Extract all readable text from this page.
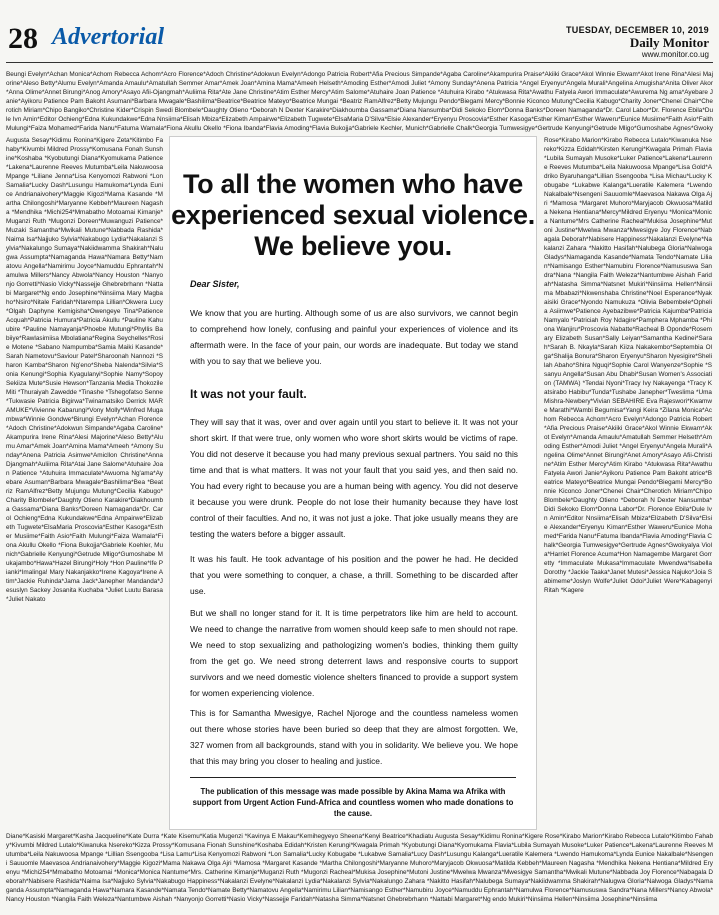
28 Advertorial	TUESDAY, DECEMBER 10, 2019
Daily Monitor
www.monitor.co.ug
Beungi Evelyn*Achan Monica*Achom Rebecca Achom*Acro Florence*Adoch Christine*Adokwun Evelyn*Adongo Patricia Robert*Afia Precious Simpande*Agaba Caroline*Akampurira Praise*Akiiki Grace*Akol Winnie Ekwam*Akot Irene Rina*Alesi Majorine*Aleso Betty*Alumu Evelyn*Amanda Amaulu*Amatullah Semmer Amar*Amek Joan*Amina Mama*Ameeh Helseth*Amoding Esther*Amodi Juliet *Amony Sunday*Anena Patricia *Angel Eryenyu*Angela Murali*Angelina Amugisha*Anita Oliver Akor*Anna Olime*Annet Birungi*Anog Amory*Asayo Afii-Ojangmah*Auliima Rita*Ate Jane Christine*Atim Esther Mercy*Atim Salome*Atuhaire Joan Patience *Atuhuira Kirabo *Atukwasa Rita*Awathu Fatyela Awori Immaculate*Awurema Ng ama*Ayebare Janie*Ayikoru Patience Pam Bakoht Asumani*Barbara Mwagale*Bashilima*Beatrice*Beatrice Mateyo*Beatrice Mungai *Beatriz RamAlfrez*Betty Mujungu Pendo*Biegami Mercy*Bonnie Kiconco Mutung*Cecilia Kabugo*Charity Joner*Chenei Chair*Cherotich Miriam*Chipo Bangiko*Christine Kider*Crispin Swedi Blombele*Daughty Otieno *Deborah N Dexter Karakire*Diakhoumba Gassama*Diana Nansumba*Didi Sekoko Elom*Donna Banks*Doreen Namaganda*Dr. Carol Labor*Dr. Florence Ebila*Dule Ivn Amin*Editor Ochieng*Edna Kukundakwe*Edna Nnsiima*Elisah Mbiza*Elizabeth Ampairwe*Elizabeth Tugwete*ElsaMaria D'Silva*Elsie Alexander*Eryenyu Proscovia*Esther Kasoga*Esther Kiman*Esther Waweru*Eunice Musiime*Faith Asio*Faith Mulungi*Faiza Mohamed*Farida Nanu*Fatuma Wamala*Fiona Akullu Okello *Fiona Ibanda*Flavia Amoding*Flavia Bukojja*Gabriele Kechler, Munich*Gabrielle Chalk*Georgia Tumwesigye*Gertrude Kenyungi*Getrude Mligo*Gumoshabe Agnes*Gwoky
Augusta Sesay*Kidimu Ronina*Kigere Zeta*Kitimbo Fahaby*Kivumbi Mildred Prossy*Komusana Fonah Sunshine*Koshaba *Kyobutungi Diana*Kyomukama Patience*Lakena*Laurenne Reeves Mutumba*Leila Nakuwoosa Mpange *Liliane Jenna*Lisa Kenyomozi Rabwoni *Lon Samalia*Lucky Dash*Lusungu Hamukoma*Lynda Eunice Andrianaivohery*Maggie Kigozi*Mama Kasande *Martha Chilongoshi*Maryanne Kebbeh*Maureen Nagasha *Mendhika *Michi254*Mmabatho Motoamai Kimanje*Muganzi Ruth *Mugonzi Doreen*Muwanguzi Patience*Muzaki Samantha*Mwikali Mutune*Nabbada Rashida*Naima Isa*Najjuko Sylvia*Nakabugo Lydia*Nakalanzi Sylvia*Nakalungo Sumaya*Nakiidwamma Shakirah*Nalugwa Assumpta*Namaganda Hawa*Namara Betty*Namatovu Angella*Namirimu Joyce*Namuddu Ephrantah*Namulwa Millers*Nancy Abwola*Nancy Houston *Nanyonjo Gorretti*Nasio Vicky*Nassejje Ghebrebrhann *Nattabi Margaret*Ng endo Josephine*Ninsiima Mary Magbaho*Nsiro*Nitale Faridah*Ntarempa Lillian*Okwera Lucy*Olgah Daphyne Kemigisha*Owengeye Tina*Patience Acquah*Patricia Humura*Patricia Akullu *Pauline Kahuubire *Pauline Namayanja*Phoebe Mutungi*Phyllis Babiiye*Rawlasimiisa Mbolatiana*Regina Seychelles*Rosie Motene *Sabano Nampumba*Samia Maiki Kasande*Sarah Nametovu*Saviour Patel*Sharoonah Nannozi *Sharon Kamba*Sharon Ng'eno*Sheba Nalenda*Silvia*Sonia Kenungi*Sophia Kyagulanyi*Sophie Namy*Sopoy Sekiiza Mute*Susie Hewson*Tanzania Media Thokozile Miti *Thuraiyah Zawedde *Tinashe *Tshegofatso Senne*Tukwasie Patricia Bigirwa*Twinamatsiko Derrick MARAMUKE*Vivienne Kabarungi*Vony Molly*Winfred Mugambwa*Winnie Gondwe*Birungi Evelyn*Achan Florence*Adoch Christine*Adokwun Simpande*Agaba Caroline*Akampurira Irene Rina*Alesi Majorine*Aleso Betty*Alumu Amar*Amek Joan*Amina Mama*Ameeh *Amony Sunday*Anena Patricia Asimwe*Amicllon Christine*Anna Djangmah*Auliima Rita*Atai Jane Salome*Atuhaire Joan Patience *Atuhuira Immaculate*Awuoma Ng'ama*Ayebare Asuman*Barbara Mwagale*Bashilima*Bea *Beatriz RamAlfrez*Betty Mujungu Mutung*Cecilia Kabugo*Charity Blombele*Daughty Otieno Karakire*Diakhoumba Gassama*Diana Banks*Doreen Namaganda*Dr. Carol Ochieng*Edna Kukundakwe*Edna Ampairwe*Elizabeth Tugwete*ElsaMaria Proscovia*Esther Kasoga*Esther Musiime*Faith Asio*Faith Mulungi*Faiza Wamala*Fiona Akullu Okello *Fiona Bukojja*Gabriele Koehler, Munich*Gabrielle Kenyungi*Getrude Mligo*Gumoshabe Mukajambo*Hawa*Hazel Birungi*Holy *Hon Pauline*Ife Pianki*Imalinga! Mary Nakanjakko*Irene Kagoya*Irene Atim*Jackie Ruhinda*Jama Jack*Janepher Mandanda*Jesuslyn Sackey Josanita Kuchaba *Juliet Luutu Barasa*Juliet Nakato
To all the women who have
experienced sexual violence.
We believe you.
Dear Sister,
We know that you are hurting. Although some of us are also survivors, we cannot begin to comprehend how lonely, confusing and painful your experiences of violence and its aftermath were. In the face of your pain, our words are inadequate. But today we stand with you to say that we believe you.
It was not your fault.
They will say that it was, over and over again until you start to believe it. It was not your short skirt. If that were true, only women who wore short skirts would be victims of rape. You did not deserve it because you had many previous sexual partners. You said no this time and that is what matters. It was not your fault that you said yes, and then said no. You had every right to because you are a human being with agency. You did not deserve it because you were drunk. People do not lose their humanity because they have lost control of their faculties. And no, it was not just a joke. That joke usually means they are testing the waters before a bigger assault.
It was his fault. He took advantage of his position and the power he had. He decided that you were something to conquer, a chase, a thrill. Something to be discarded after use.
But we shall no longer stand for it. It is time perpetrators like him are held to account. We need to change the narrative from women should keep safe to men should not rape. We need to stop sexualizing and pathologizing women's bodies, thinking them guilty from the get go. We need strong deterrent laws and responsive courts to support survivors and we need domestic violence shelters financed to provide a support system for women experiencing violence.
This is for Samantha Mwesigye, Rachel Njoroge and the countless nameless women out there whose stories have been buried so deep that they are almost forgotten. We, 327 women from all backgrounds, stand with you in solidarity. We believe you. We hope that this may bring you closer to healing and justice.
The publication of this message was made possible by Akina Mama wa Afrika with support from Urgent Action Fund-Africa and countless women who made donations to the cause.
Rose*Kirabo Marion*Kirabo Rebecca Lutalo*Kiwanuka Nsereko*Kizza Edidah*Kirsten Kerungi*Kwagala Primah Flavia*Lubila Sumayah Musoke*Luker Patience*Lakena*Laurenne Reeves Mutumba*Leila Nakuwoosa Mpange*Lisa Gold*Adriko Byaruhanga*Lillian Ssengooba *Lisa Michau*Lucky Kobugabe *Lukabwe Kalanga*Lueratile Kalemera *Lwendo Nakalbale*Nsengeni Sauuomle*Maevasoa Nakawa Olga Ajri *Mamosa *Margaret Muhoro*Maryjacob Okwuosa*Matilda Nekena Hentiana*Mercy*Mildred Eryenyu *Monica*Monica Nantume*Mrs Catherine Racheal*Mukisa Josephine*Mutoni Justine*Mwelwa Mwanza*Mwesigye Joy Florence*Nabagala Deborah*Nabisere Happiness*Nakalanzi Evelyne*Nakalanzi Zahara *Nakitto Hasifah*Nalubega Gloria*Nalwoga Gladys*Namaganda Kasande*Namata Tendo*Namate Lilian*Namisango Esther*Namubiru Florence*Namususwa Sandra*Nana *Nangila Faith Weleza*Nantumbwe Aishah Faridah*Natasha Simma*Natsnet Mukiri*Ninsiima Hellen*Ninsiima Mbabazi*Nkwenshaba Christine*Noel Esperance*Nyakaisiki Grace*Nyondo Namukuza *Olivia Bebembele*Ophelia Asiimwe*Patience Ayebazibwe*Patricia Kajumba*Patricia Namyalo *Patriciah Roy Ndagire*Pamphera Mphamba *Phiona Wanjiru*Proscovia Nabatte*Racheal B Oponde*Rosemary Elizabeth Susan*Sally Leiyan*Samantha Kedinei*Sarah*Sarah B. Nkayla*Sarah Kiiza Nakakembo*Septembia Olga*Shalija Bonura*Sharon Eryenyu*Sharon Nyesigire*Shelilah Abaho*Shira Nguqi*Sophie Carol Wanyenze*Sophie *Ssanyu Angella*Susan Abu Dhabi*Susan Women's Association (TAMWA) *Tendai Nyoni*Tracy Ivy Nakayenga *Tracy Katsirabo Habibu*Tunda*Tushabe Janepher*Tweslima *Uma Mishra-Newbery*Vivian SEBAHIRE Eva Rajeswori*Kwamwe Marathi*Wambi Begumisa*Yangi Keira *Zilana Monica*Achom Rebecca Achom*Acro Evelyn*Adongo Patricia Robert*Afia Precious Praise*Akiiki Grace*Akol Winnie Ekwam*Akot Evelyn*Amanda Amaulu*Amatullah Semmer Helseth*Amoding Esther*Amodi Juliet *Angel Eryenyu*Angela Murali*Angelina Olime*Annet Birungi*Anet Amory*Asayo Afii-Christine*Atim Esther Mercy*Atim Kirabo *Atukwasa Rita*Awathu Fatyela Awori Janie*Ayikoru Patience Pam Bakoht atrice*Beatrice Mateyo*Beatrice Mungai Pendo*Biegami Mercy*Bonnie Kiconco Joner*Chenei Chair*Cherotich Miriam*Chipo Blombele*Daughty Otieno *Deborah N Dexter Nansumba*Didi Sekoko Elom*Donna Labor*Dr. Florence Ebila*Dule Ivn Amin*Editor Nnsiima*Elisah Mbiza*Elizabeth D'Silva*Elsie Alexander*Eryenyu Kiman*Esther Waweru*Eunice Mohamed*Farida Nanu*Fatuma Ibanda*Flavia Amoding*Flavia Chalk*Georgia Tumwesigye*Gertrude Agnes*Gwokyalya Viola*Harriet Florence Acuma*Hon Namagembe Margaret Gorretty *Immaculate Mukasa*Immaculate Mwendwa*Isabella Dorothy *Jackie Taaka*Janet Mutesi*Jessica Najuko*Joia Sabimeme*Joslyn Wolfe*Juliet Odoi*Juliet Were*Kabagenyi Ritah *Kagere
Diane*Kasiski Margaret*Kasha Jacqueline*Kate Durra *Kate Kisemu*Katia Mugenzi *Kavinya E Makau*Kemihegyeyo Sheena*Kenyi Beatrice*Khadiatu Augusta Sesay*Kidimu Ronina*Kigere Rose*Kirabo Marion*Kirabo Rebecca Lutalo*Kitimbo Fahaby*Kivumbi Mildred Lutalo*Kiwanuka Nsereko*Kizza Prossy*Komusana Fionah Sunshine*Koshaba Edidah*Kristen Kerungi*Kwagala Primah *Kyobutungi Diana*Kyomukama Flavia*Lubila Sumayah Musoke*Luker Patience*Lakena*Laurenne Reeves Mutumba*Leila Nakuwoosa Mpange *Lillian Ssengooba *Lisa Lamu*Lisa Kenyomozi Rabwoni *Lon Samalia*Lucky Kobugabe *Lukabwe Samalia*Lucy Dash*Lusungu Kalanga*Lueratile Kalemera *Lwendo Hamukoma*Lynda Eunice Nakalbale*Nsengeni Sauuomle Maevasoa Andrianaivohery*Maggie Kigozi*Mama Nakawa Olga Ajri *Mamosa *Margaret Kasande *Martha Chilongoshi*Maryanne Muhoro*Maryjacob Okwuosa*Matilda Kebbeh*Maureen Nagasha *Mendhika Nekena Hentiana*Mildred Eryenyu *Michi254*Mmabatho Motoamai *Monica*Monica Nantume*Mrs. Catherine Kimanje*Muganzi Ruth *Mugonzi Racheal*Mukisa Josephine*Mutoni Justine*Mwelwa Mwanza*Mwesigye Samantha*Mwikali Mutune*Nabbada Joy Florence*Nabagala Deborah*Nabisere Rashida*Naima Isa*Najjuko Sylvia*Nakabugo Happiness*Nakalanzi Evelyne*Nakalanzi Lydia*Nakalanzi Sylvia*Nakalungo Zahara *Nakitto Hasifah*Nalubega Sumaya*Nakiidwamma Shakirah*Nalugwa Gloria*Nalwoga Gladys*Namaganda Assumpta*Namaganda Hawa*Namara Kasande*Namata Tendo*Namate Betty*Namatovu Angella*Namirimu Lilian*Namisango Esther*Namubiru Joyce*Namuddu Ephrantah*Namulwa Florence*Namususwa Sandra*Nana Millers*Nancy Abwola*Nancy Houston *Nangila Faith Weleza*Nantumbwe Aishah *Nanyonjo Gorretti*Nasio Vicky*Nassejje Faridah*Natasha Simma*Natsnet Ghebrebrhann *Nattabi Margaret*Ng endo Mukiri*Ninsiima Hellen*Ninsiima Josephine*Ninsiima
